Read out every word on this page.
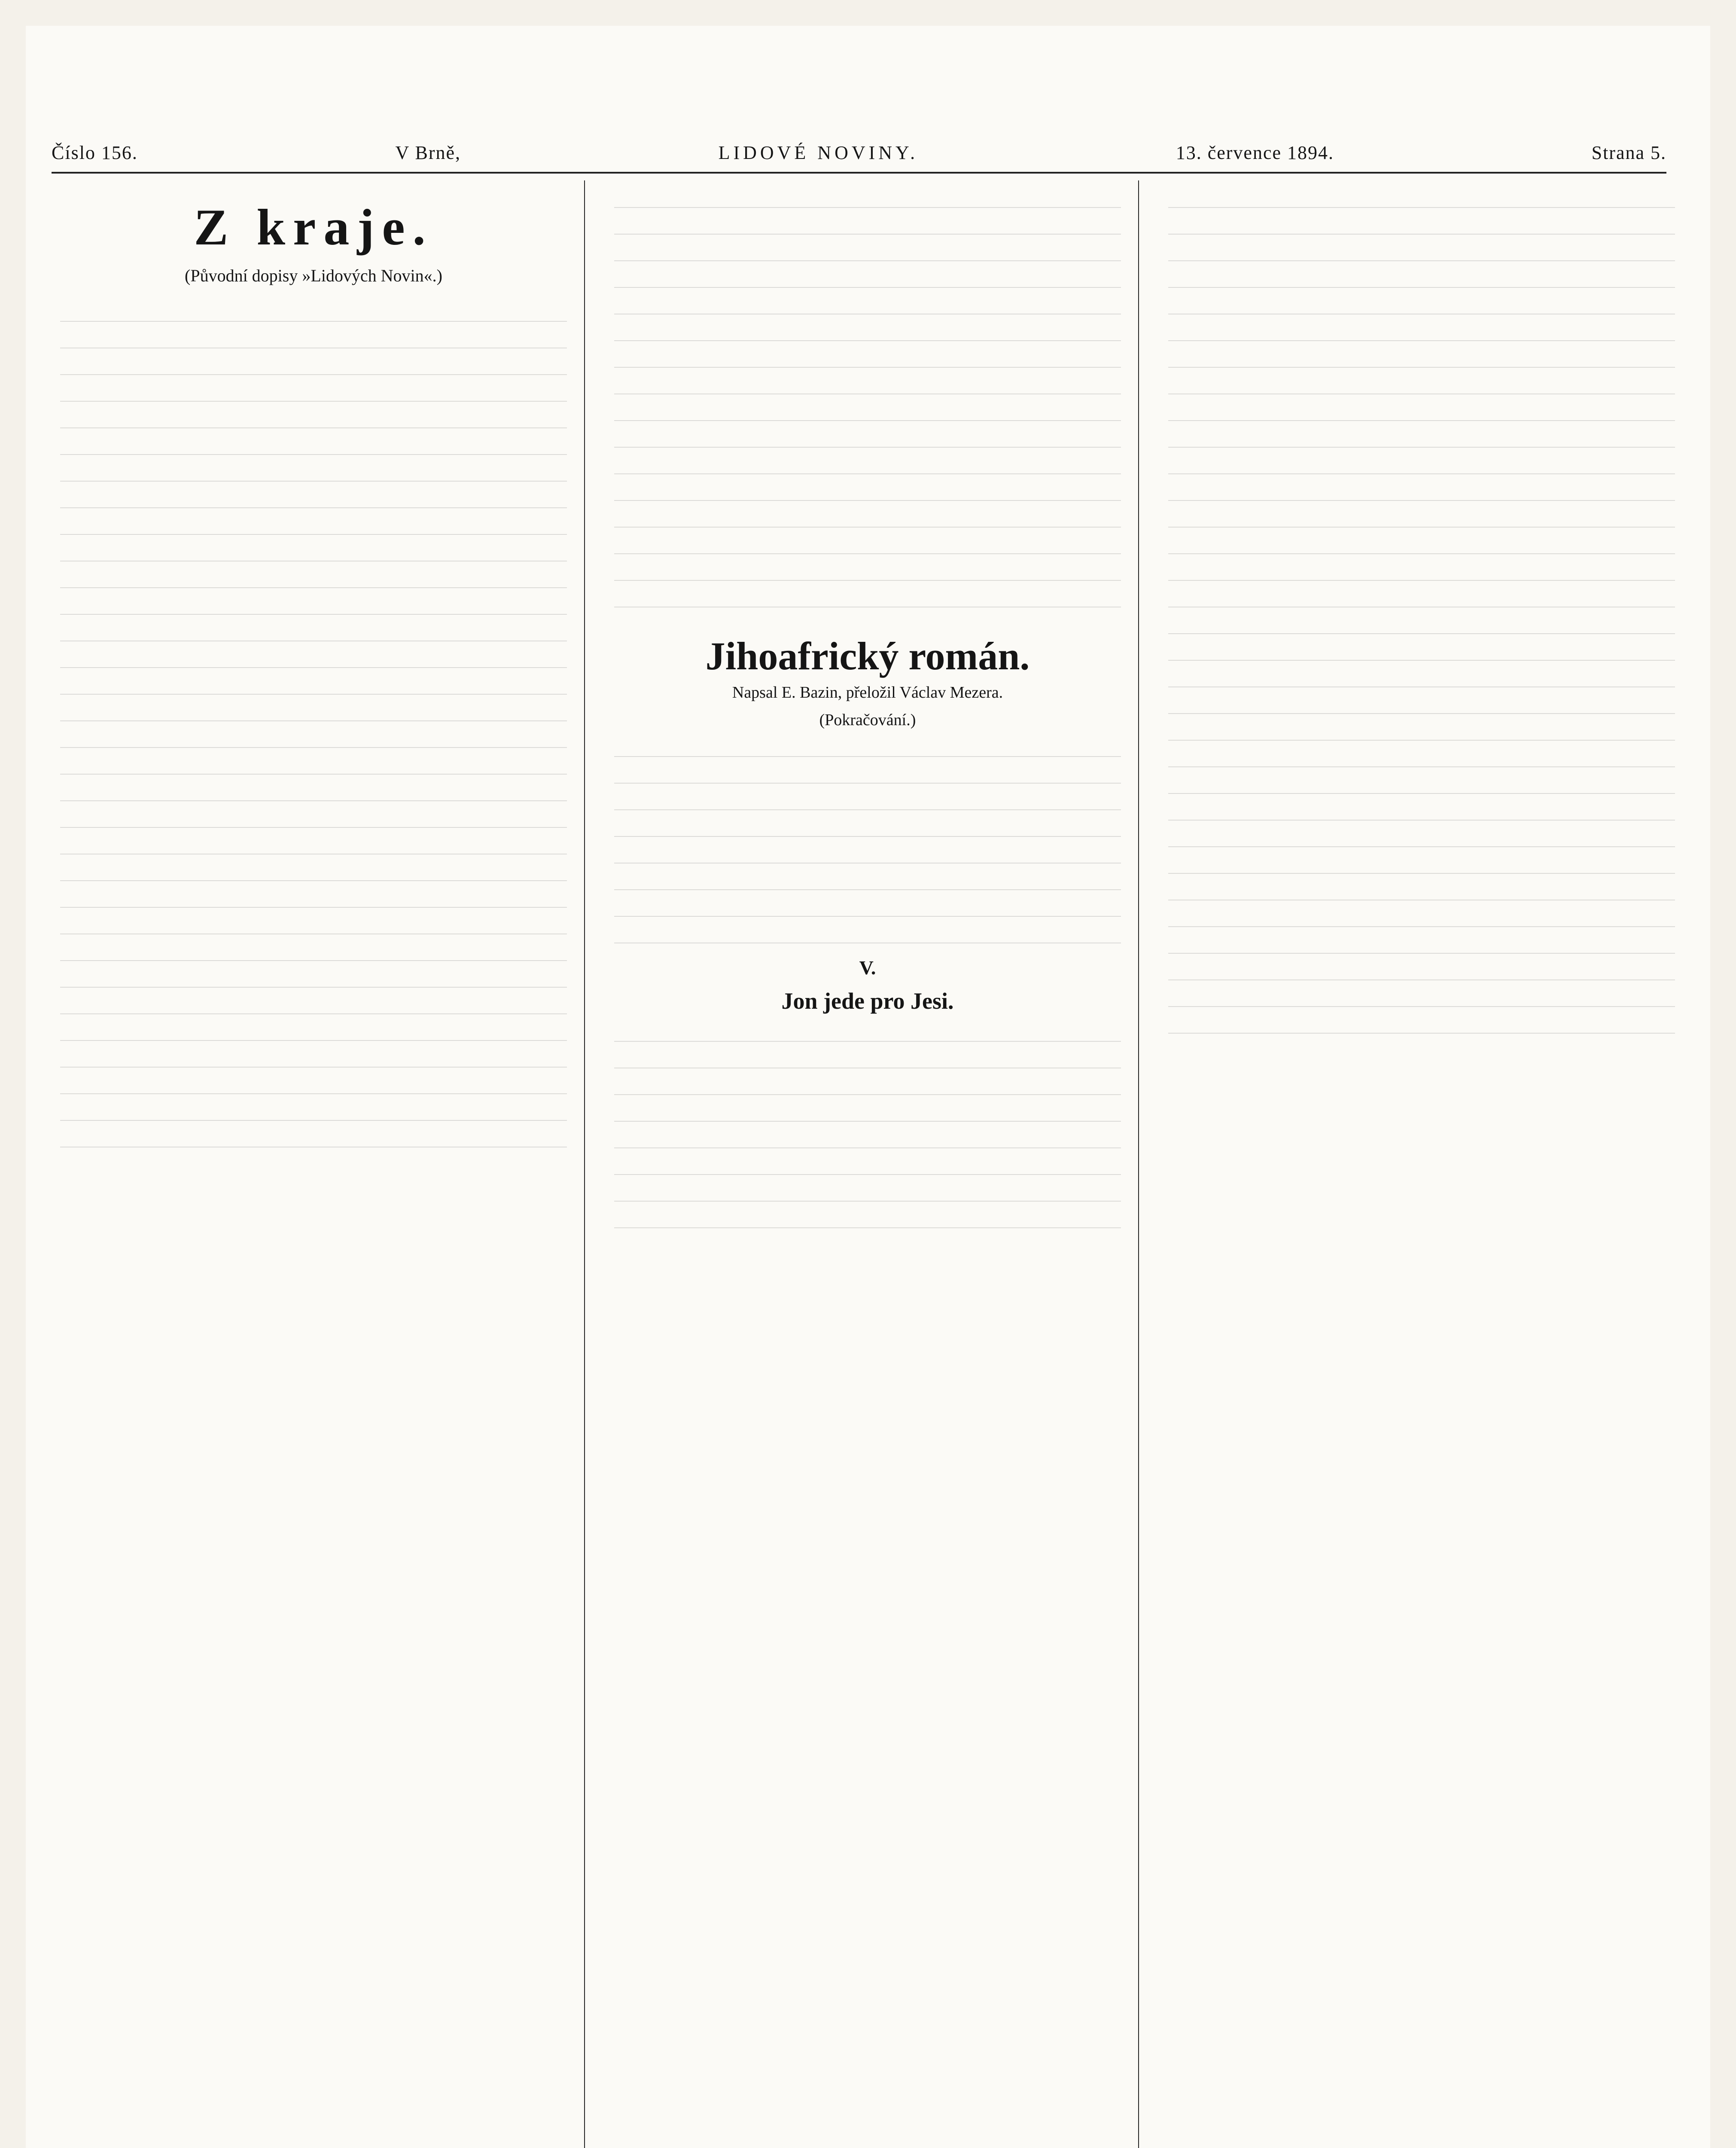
Číslo 156.	V Brně,	LIDOVÉ NOVINY.	13. července 1894.	Strana 5.
Z kraje.
(Původní dopisy »Lidových Novin«.)
Jihoafrický román.
Napsal E. Bazin, přeložil Václav Mezera.
(Pokračování.)
V.
Jon jede pro Jesi.
